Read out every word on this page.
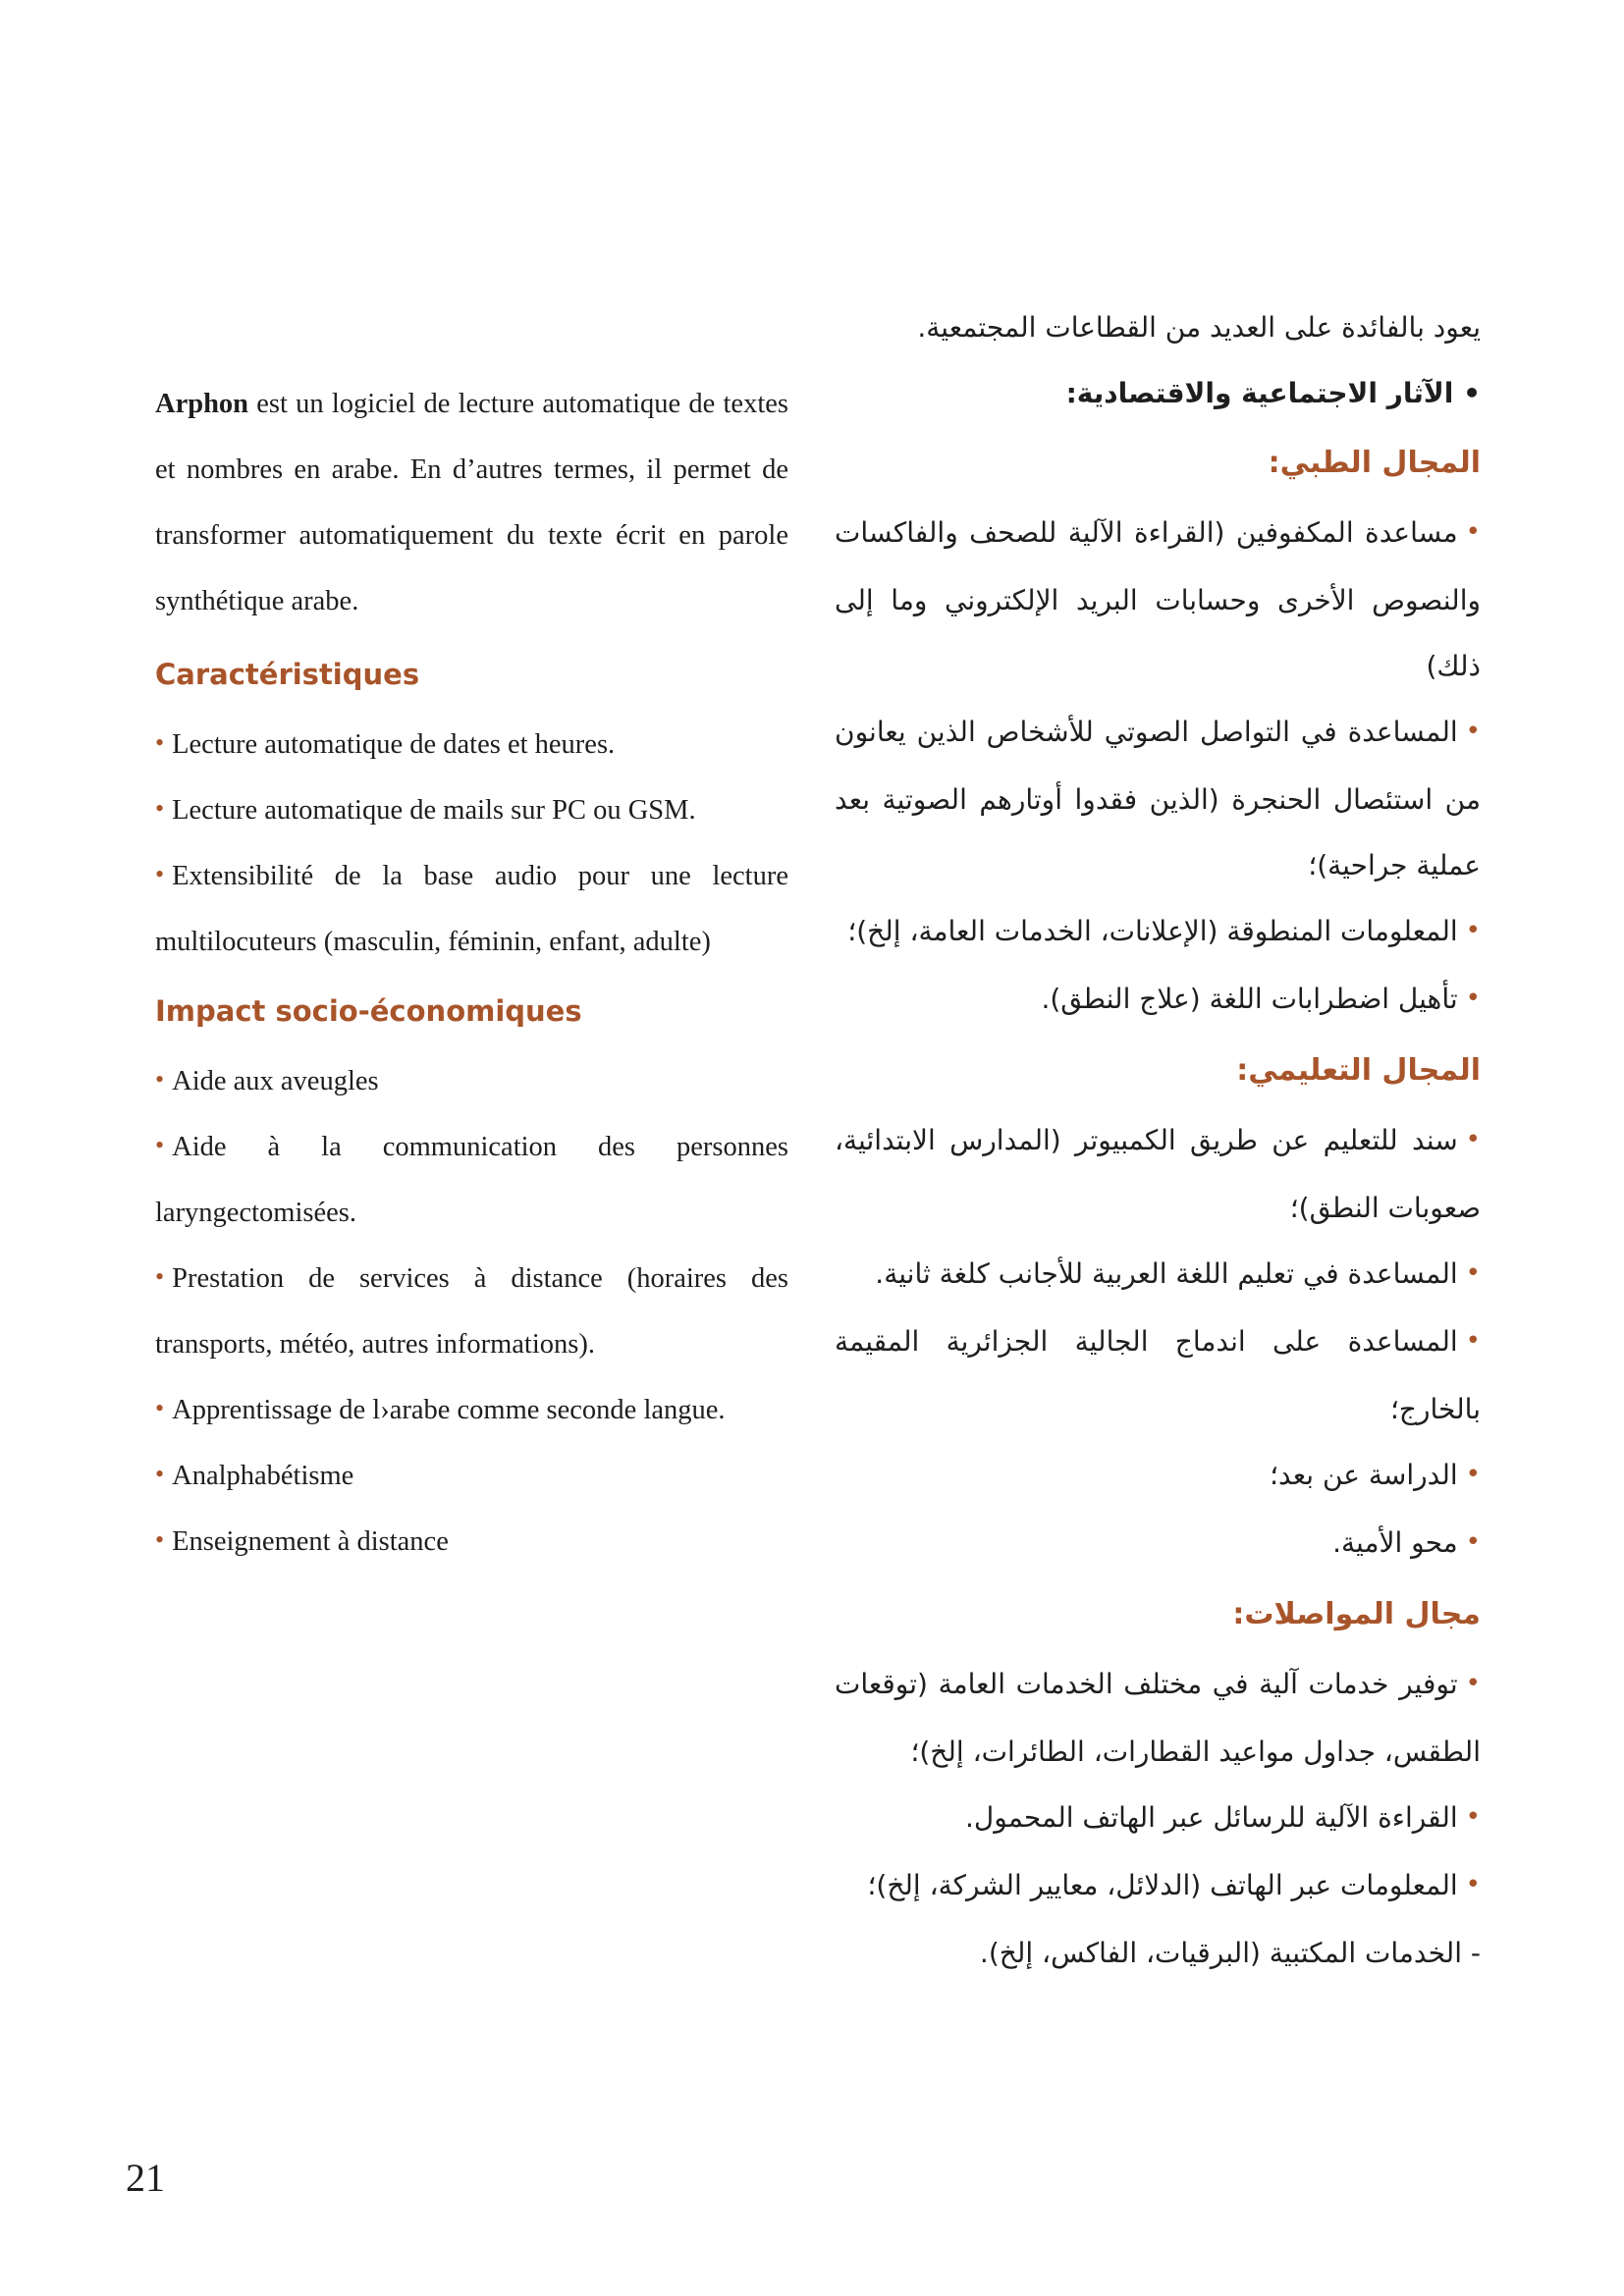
Arphon est un logiciel de lecture automatique de textes et nombres en arabe. En d’autres termes, il permet de transformer automatiquement du texte écrit en parole synthétique arabe.

Caractéristiques

• Lecture automatique de dates et heures.

• Lecture automatique de mails sur PC ou GSM.

• Extensibilité de la base audio pour une lecture multilocuteurs (masculin, féminin, enfant, adulte)

Impact socio-économiques

• Aide aux aveugles

• Aide à la communication des personnes laryngectomisées.

• Prestation de services à distance (horaires des transports, météo, autres informations).

• Apprentissage de l›arabe comme seconde langue.

• Analphabétisme

• Enseignement à distance

يعود بالفائدة على العديد من القطاعات المجتمعية.

• الآثار الاجتماعية والاقتصادية:

المجال الطبي:

•مساعدة المكفوفين (القراءة الآلية للصحف والفاكسات والنصوص الأخرى وحسابات البريد الإلكتروني وما إلى ذلك)

•المساعدة في التواصل الصوتي للأشخاص الذين يعانون من استئصال الحنجرة (الذين فقدوا أوتارهم الصوتية بعد عملية جراحية)؛

•المعلومات المنطوقة (الإعلانات، الخدمات العامة، إلخ)؛

•تأهيل اضطرابات اللغة (علاج النطق).

المجال التعليمي:

•سند للتعليم عن طريق الكمبيوتر (المدارس الابتدائية، صعوبات النطق)؛

•المساعدة في تعليم اللغة العربية للأجانب كلغة ثانية.

•المساعدة على اندماج الجالية الجزائرية المقيمة بالخارج؛

•الدراسة عن بعد؛

•محو الأمية.

مجال المواصلات:

•توفير خدمات آلية في مختلف الخدمات العامة (توقعات الطقس، جداول مواعيد القطارات، الطائرات، إلخ)؛

•القراءة الآلية للرسائل عبر الهاتف المحمول.

•المعلومات عبر الهاتف (الدلائل، معايير الشركة، إلخ)؛

- الخدمات المكتبية (البرقيات، الفاكس، إلخ).

21
